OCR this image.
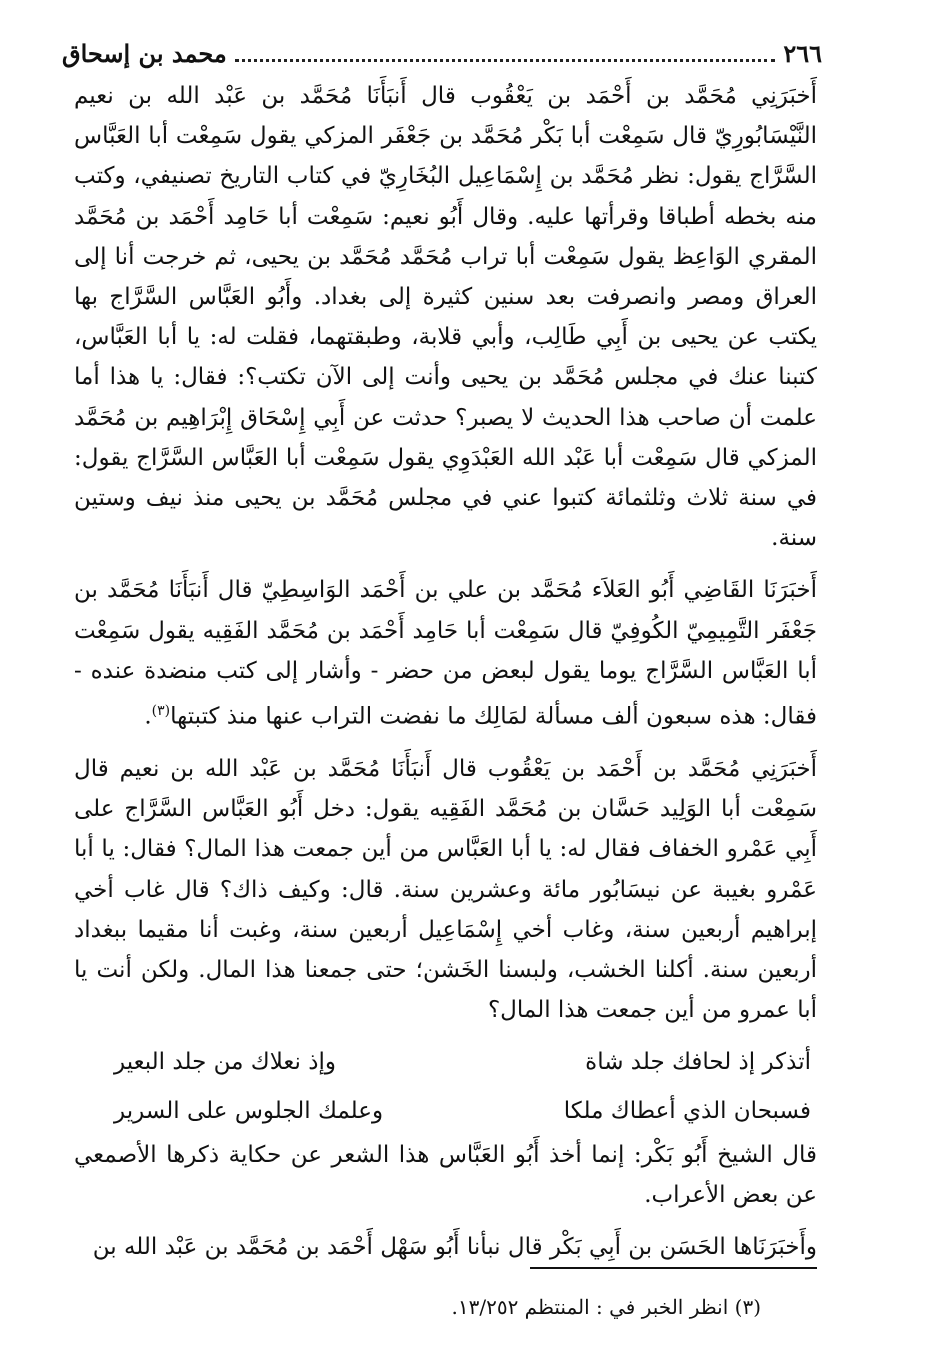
٢٦٦
محمد بن إسحاق

أَخبَرَنِي مُحَمَّد بن أَحْمَد بن يَعْقُوب قال أَنبَأَنَا مُحَمَّد بن عَبْد الله بن نعيم النَّيْسَابُورِيّ قال سَمِعْت أبا بَكْر مُحَمَّد بن جَعْفَر المزكي يقول سَمِعْت أبا العَبَّاس السَّرَّاج يقول: نظر مُحَمَّد بن إِسْمَاعِيل البُخَارِيّ في كتاب التاريخ تصنيفي، وكتب منه بخطه أطباقا وقرأتها عليه. وقال أَبُو نعيم: سَمِعْت أبا حَامِد أَحْمَد بن مُحَمَّد المقري الوَاعِظ يقول سَمِعْت أبا تراب مُحَمَّد مُحَمَّد بن يحيى، ثم خرجت أنا إلى العراق ومصر وانصرفت بعد سنين كثيرة إلى بغداد. وأَبُو العَبَّاس السَّرَّاج بها يكتب عن يحيى بن أَبِي طَالِب، وأبي قلابة، وطبقتهما، فقلت له: يا أبا العَبَّاس، كتبنا عنك في مجلس مُحَمَّد بن يحيى وأنت إلى الآن تكتب؟: فقال: يا هذا أما علمت أن صاحب هذا الحديث لا يصبر؟ حدثت عن أَبِي إِسْحَاق إِبْرَاهِيم بن مُحَمَّد المزكي قال سَمِعْت أبا عَبْد الله العَبْدَوِي يقول سَمِعْت أبا العَبَّاس السَّرَّاج يقول: في سنة ثلاث وثلثمائة كتبوا عني في مجلس مُحَمَّد بن يحيى منذ نيف وستين سنة.

أَخبَرَنَا القَاضِي أَبُو العَلاَء مُحَمَّد بن علي بن أَحْمَد الوَاسِطِيّ قال أَنبَأَنَا مُحَمَّد بن جَعْفَر التَّمِيمِيّ الكُوفِيّ قال سَمِعْت أبا حَامِد أَحْمَد بن مُحَمَّد الفَقِيه يقول سَمِعْت أبا العَبَّاس السَّرَّاج يوما يقول لبعض من حضر - وأشار إلى كتب منضدة عنده - فقال: هذه سبعون ألف مسألة لمَالِك ما نفضت التراب عنها منذ كتبتها$^{(٣)}$.

أَخبَرَنِي مُحَمَّد بن أَحْمَد بن يَعْقُوب قال أَنبَأَنَا مُحَمَّد بن عَبْد الله بن نعيم قال سَمِعْت أبا الوَلِيد حَسَّان بن مُحَمَّد الفَقِيه يقول: دخل أَبُو العَبَّاس السَّرَّاج على أَبِي عَمْرو الخفاف فقال له: يا أبا العَبَّاس من أين جمعت هذا المال؟ فقال: يا أبا عَمْرو بغيبة عن نيسَابُور مائة وعشرين سنة. قال: وكيف ذاك؟ قال غاب أخي إبراهيم أربعين سنة، وغاب أخي إِسْمَاعِيل أربعين سنة، وغبت أنا مقيما ببغداد أربعين سنة. أكلنا الخشب، ولبسنا الخَشن؛ حتى جمعنا هذا المال. ولكن أنت يا أبا عمرو من أين جمعت هذا المال؟

أتذكر إذ لحافك جلد شاة
وإذ نعلاك من جلد البعير
فسبحان الذي أعطاك ملكا
وعلمك الجلوس على السرير

قال الشيخ أَبُو بَكْر: إنما أخذ أَبُو العَبَّاس هذا الشعر عن حكاية ذكرها الأصمعي عن بعض الأعراب.

وأَخبَرَنَاها الحَسَن بن أَبِي بَكْر قال نبأنا أَبُو سَهْل أَحْمَد بن مُحَمَّد بن عَبْد الله بن

(٣) انظر الخبر في : المنتظم ١٣/٢٥٢.
